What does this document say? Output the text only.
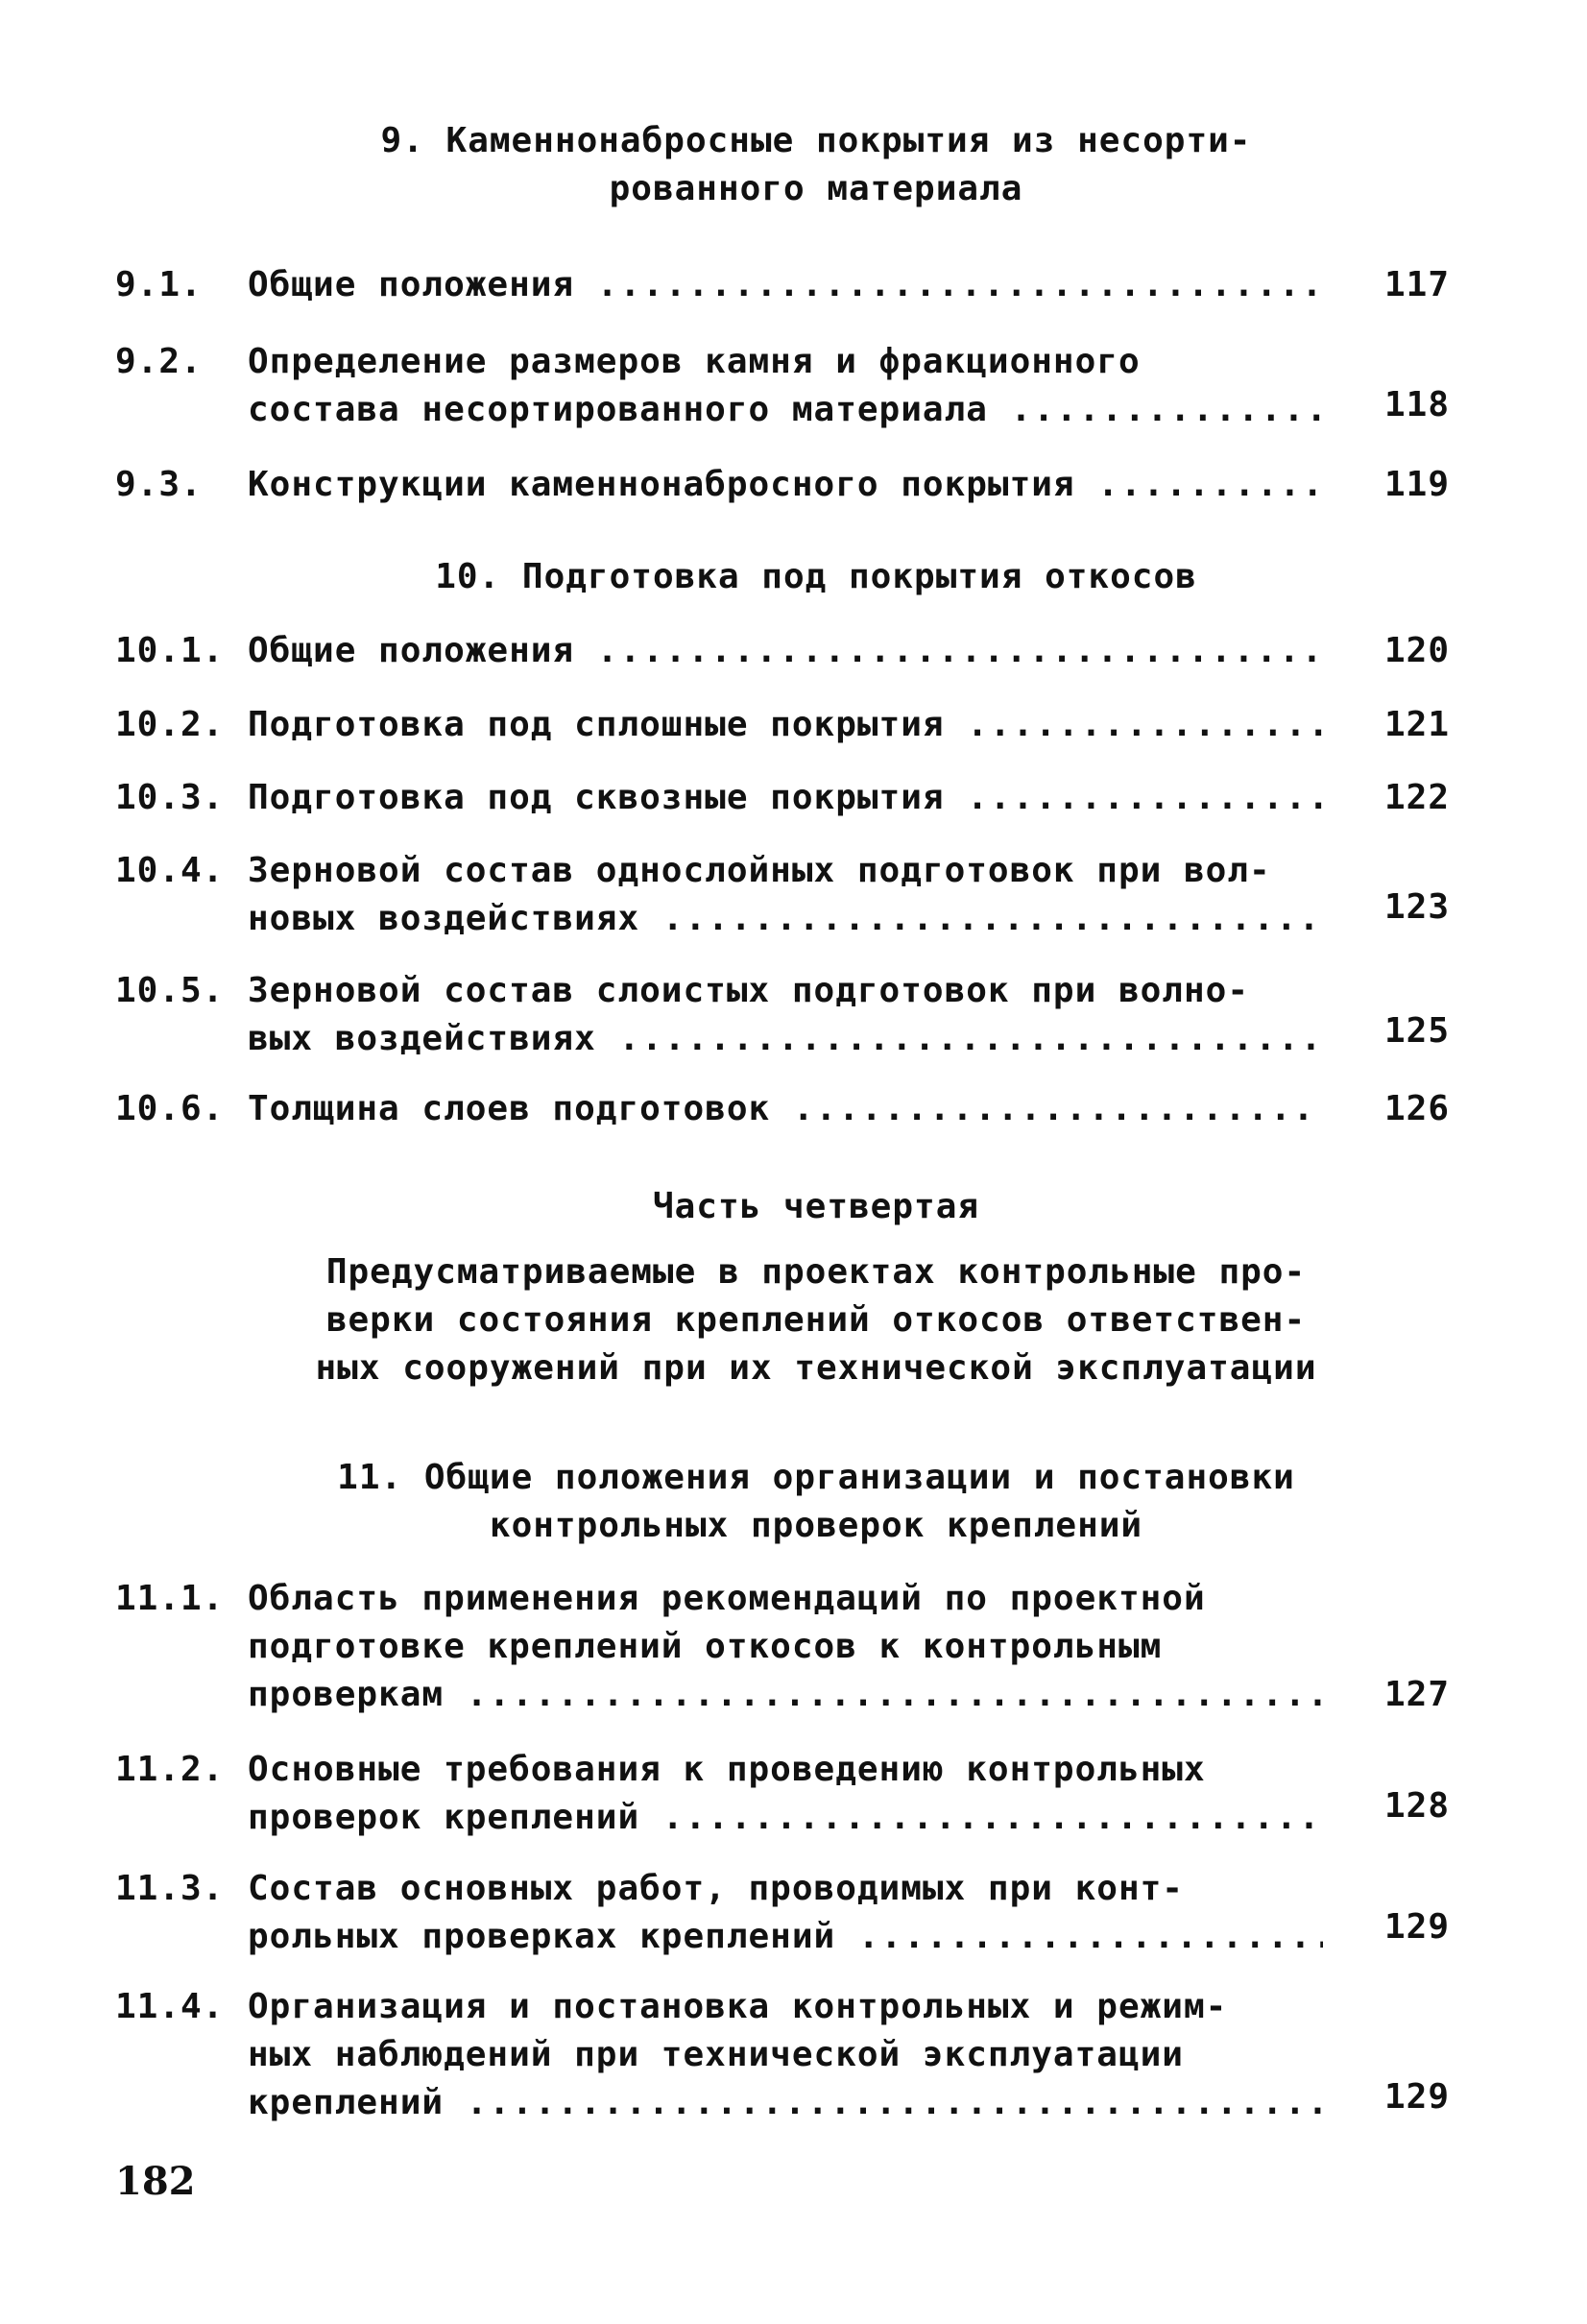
9. Каменнонабросные покрытия из несорти-
рованного материала
9.1.	Общие положения .....	117
9.2.	Определение размеров камня и фракционного
состава несортированного материала .....	118
9.3.	Конструкции каменнонабросного покрытия .....	119
10. Подготовка под покрытия откосов
10.1. Общие положения .....	120
10.2. Подготовка под сплошные покрытия .....	121
10.3. Подготовка под сквозные покрытия .....	122
10.4. Зерновой состав однослойных подготовок при вол-
новых воздействиях .....	123
10.5. Зерновой состав слоистых подготовок при волно-
вых воздействиях .....	125
10.6. Толщина слоев подготовок .....	126
Часть четвертая
Предусматриваемые в проектах контрольные про-
верки состояния креплений откосов ответствен-
ных сооружений при их технической эксплуатации
11. Общие положения организации и постановки
контрольных проверок креплений
11.1. Область применения рекомендаций по проектной
подготовке креплений откосов к контрольным
проверкам .....	127
11.2. Основные требования к проведению контрольных
проверок креплений .....	128
11.3. Состав основных работ, проводимых при конт-
рольных проверках креплений .....	129
11.4. Организация и постановка контрольных и режим-
ных наблюдений при технической эксплуатации
креплений .....	129
182
